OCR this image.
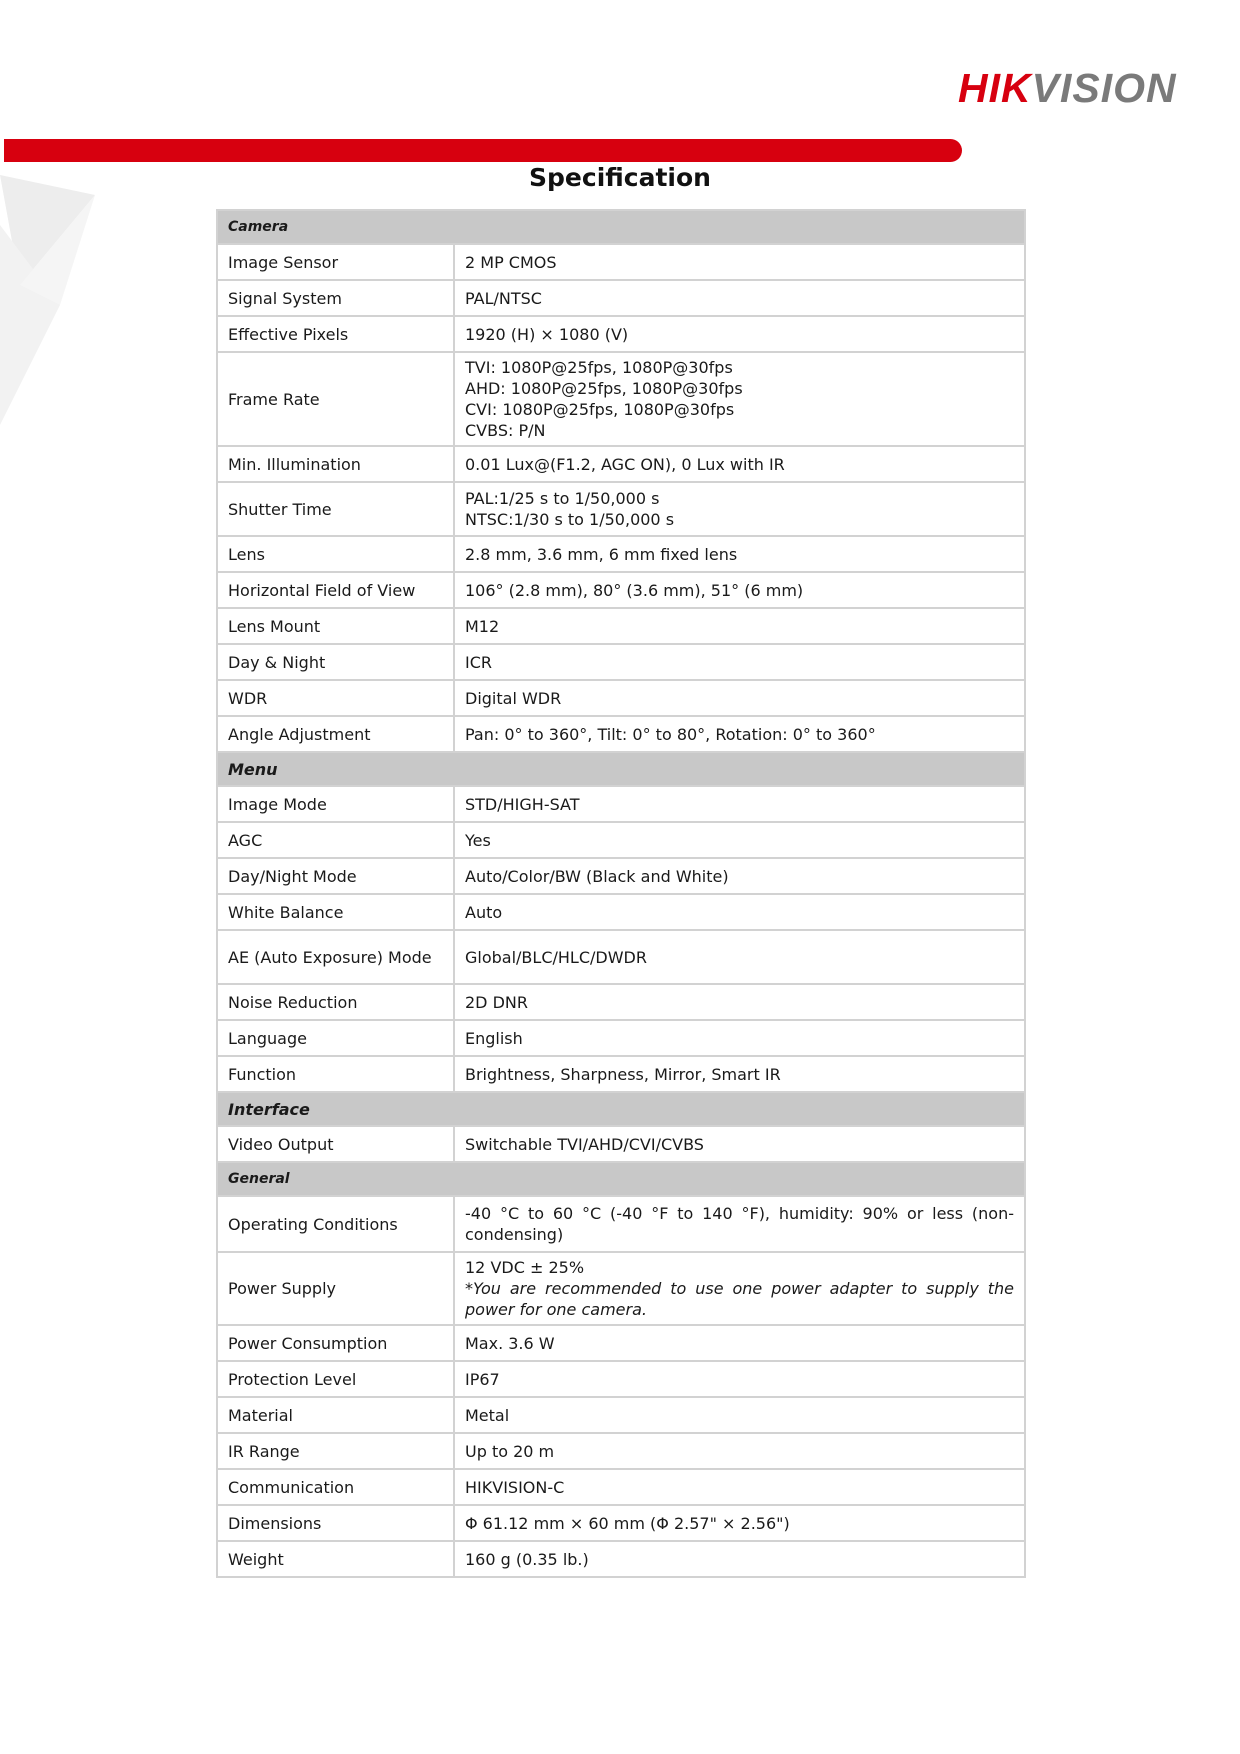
HIKVISION
Specification
Camera	
Image Sensor	2 MP CMOS
Signal System	PAL/NTSC
Effective Pixels	1920 (H) × 1080 (V)
Frame Rate	TVI: 1080P@25fps, 1080P@30fps
AHD: 1080P@25fps, 1080P@30fps
CVI: 1080P@25fps, 1080P@30fps
CVBS: P/N
Min. Illumination	0.01 Lux@(F1.2, AGC ON), 0 Lux with IR
Shutter Time	PAL:1/25 s to 1/50,000 s
NTSC:1/30 s to 1/50,000 s
Lens	2.8 mm, 3.6 mm, 6 mm fixed lens
Horizontal Field of View	106° (2.8 mm), 80° (3.6 mm), 51° (6 mm)
Lens Mount	M12
Day & Night	ICR
WDR	Digital WDR
Angle Adjustment	Pan: 0° to 360°, Tilt: 0° to 80°, Rotation: 0° to 360°
Menu	
Image Mode	STD/HIGH-SAT
AGC	Yes
Day/Night Mode	Auto/Color/BW (Black and White)
White Balance	Auto
AE (Auto Exposure) Mode	Global/BLC/HLC/DWDR
Noise Reduction	2D DNR
Language	English
Function	Brightness, Sharpness, Mirror, Smart IR
Interface	
Video Output	Switchable TVI/AHD/CVI/CVBS
General	
Operating Conditions	-40 °C to 60 °C (-40 °F to 140 °F), humidity: 90% or less (non-condensing)
Power Supply	12 VDC ± 25%
*You are recommended to use one power adapter to supply the power for one camera.
Power Consumption	Max. 3.6 W
Protection Level	IP67
Material	Metal
IR Range	Up to 20 m
Communication	HIKVISION-C
Dimensions	Φ 61.12 mm × 60 mm (Φ 2.57" × 2.56")
Weight	160 g (0.35 lb.)
